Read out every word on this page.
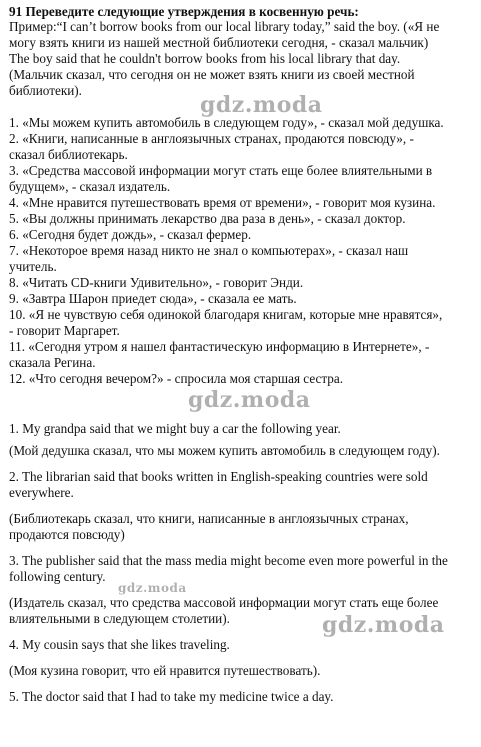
91 Переведите следующие утверждения в косвенную речь:
Пример:“I can’t borrow books from our local library today,” said the boy. («Я не
могу взять книги из нашей местной библиотеки сегодня, - сказал мальчик)
The boy said that he couldn't borrow books from his local library that day.
(Мальчик сказал, что сегодня он не может взять книги из своей местной
библиотеки).
gdz.moda
1. «Мы можем купить автомобиль в следующем году», - сказал мой дедушка.
2. «Книги, написанные в англоязычных странах, продаются повсюду», -
сказал библиотекарь.
3. «Средства массовой информации могут стать еще более влиятельными в
будущем», - сказал издатель.
4. «Мне нравится путешествовать время от времени», - говорит моя кузина.
5. «Вы должны принимать лекарство два раза в день», - сказал доктор.
6. «Сегодня будет дождь», - сказал фермер.
7. «Некоторое время назад никто не знал о компьютерах», - сказал наш
учитель.
8. «Читать CD-книги Удивительно», - говорит Энди.
9. «Завтра Шарон приедет сюда», - сказала ее мать.
10. «Я не чувствую себя одинокой благодаря книгам, которые мне нравятся»,
- говорит Маргарет.
11. «Сегодня утром я нашел фантастическую информацию в Интернете», -
сказала Регина.
12. «Что сегодня вечером?» - спросила моя старшая сестра.
gdz.moda
1. My grandpa said that we might buy a car the following year.
(Мой дедушка сказал, что мы можем купить автомобиль в следующем году).
2. The librarian said that books written in English-speaking countries were sold
everywhere.
(Библиотекарь сказал, что книги, написанные в англоязычных странах,
продаются повсюду)
3. The publisher said that the mass media might become even more powerful in the
following century.
gdz.moda
(Издатель сказал, что средства массовой информации могут стать еще более
влиятельными в следующем столетии).	gdz.moda
4. My cousin says that she likes traveling.
(Моя кузина говорит, что ей нравится путешествовать).
5. The doctor said that I had to take my medicine twice a day.
